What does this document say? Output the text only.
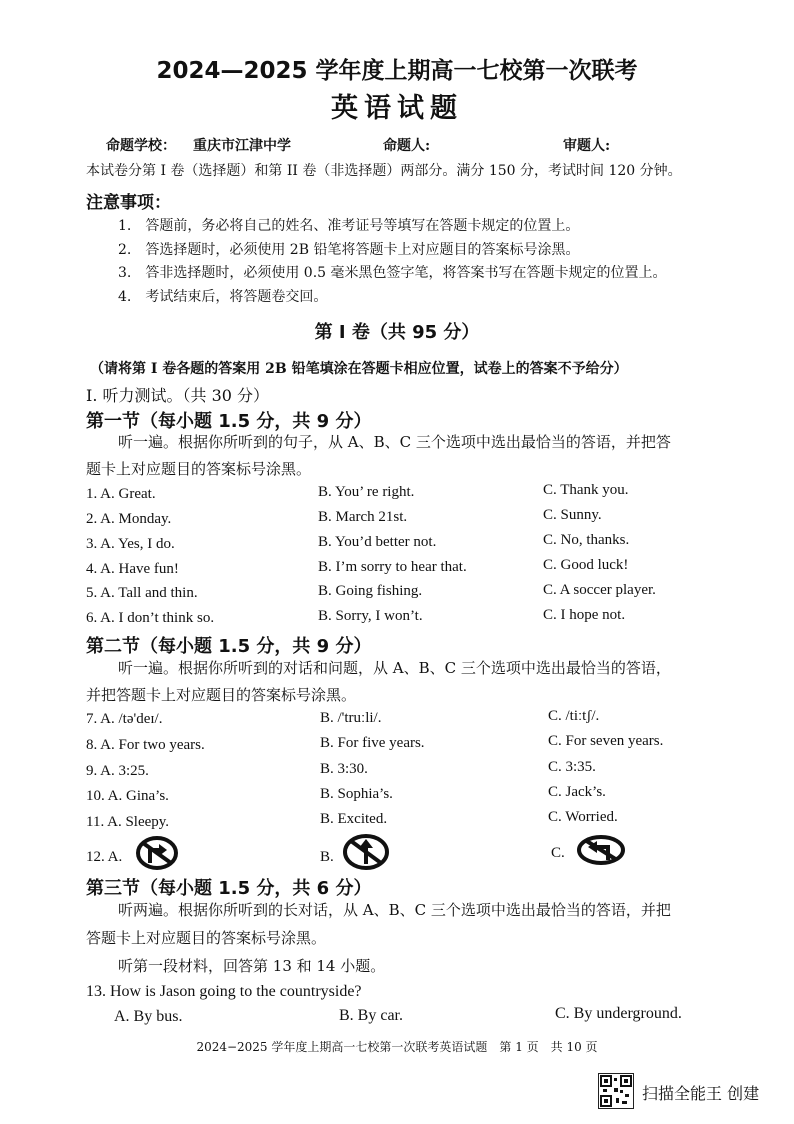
2024—2025 学年度上期高一七校第一次联考
英语试题
命题学校： 重庆市江津中学	命题人:	审题人:
本试卷分第 I 卷（选择题）和第 II 卷（非选择题）两部分。满分 150 分，考试时间 120 分钟。
注意事项：
1.　答题前，务必将自己的姓名、准考证号等填写在答题卡规定的位置上。
2.　答选择题时，必须使用 2B 铅笔将答题卡上对应题目的答案标号涂黑。
3.　答非选择题时，必须使用 0.5 毫米黑色签字笔，将答案书写在答题卡规定的位置上。
4.　考试结束后，将答题卷交回。
第 I 卷（共 95 分）
（请将第 I 卷各题的答案用 2B 铅笔填涂在答题卡相应位置，试卷上的答案不予给分）
I. 听力测试。（共 30 分）
第一节（每小题 1.5 分，共 9 分）
听一遍。根据你所听到的句子，从 A、B、C 三个选项中选出最恰当的答语，并把答
题卡上对应题目的答案标号涂黑。
1. A. Great.	B. You’ re right.	C. Thank you.
2. A. Monday.	B. March 21st.	C. Sunny.
3. A. Yes, I do.	B. You’d better not.	C. No, thanks.
4. A. Have fun!	B. I’m sorry to hear that.	C. Good luck!
5. A. Tall and thin.	B. Going fishing.	C. A soccer player.
6. A. I don’t think so.	B. Sorry, I won’t.	C. I hope not.
第二节（每小题 1.5 分，共 9 分）
听一遍。根据你所听到的对话和问题，从 A、B、C 三个选项中选出最恰当的答语，
并把答题卡上对应题目的答案标号涂黑。
7. A. /tə'deɪ/.	B. /'truːli/.	C. /tiːtʃ/.
8. A. For two years.	B. For five years.	C. For seven years.
9. A. 3:25.	B. 3:30.	C. 3:35.
10. A. Gina’s.	B. Sophia’s.	C. Jack’s.
11. A. Sleepy.	B. Excited.	C. Worried.
12. A.	B.	C.
第三节（每小题 1.5 分，共 6 分）
听两遍。根据你所听到的长对话，从 A、B、C 三个选项中选出最恰当的答语，并把
答题卡上对应题目的答案标号涂黑。
听第一段材料，回答第 13 和 14 小题。
13. How is Jason going to the countryside?
A. By bus.	B. By car.	C. By underground.
2024−2025 学年度上期高一七校第一次联考英语试题　第 1 页　共 10 页
扫描全能王 创建
